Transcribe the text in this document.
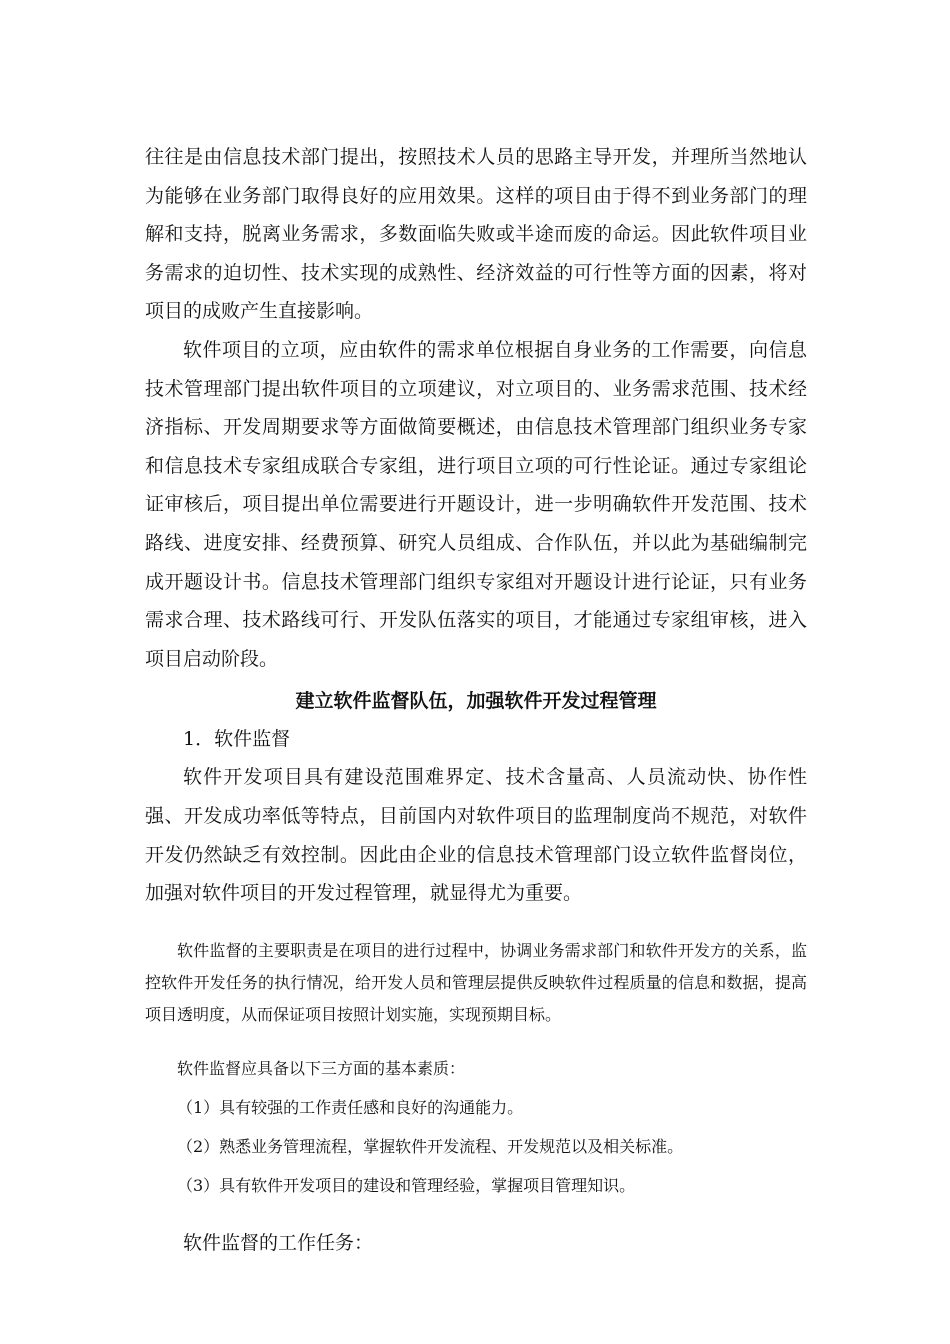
往往是由信息技术部门提出，按照技术人员的思路主导开发，并理所当然地认为能够在业务部门取得良好的应用效果。这样的项目由于得不到业务部门的理解和支持，脱离业务需求，多数面临失败或半途而废的命运。因此软件项目业务需求的迫切性、技术实现的成熟性、经济效益的可行性等方面的因素，将对项目的成败产生直接影响。

软件项目的立项，应由软件的需求单位根据自身业务的工作需要，向信息技术管理部门提出软件项目的立项建议，对立项目的、业务需求范围、技术经济指标、开发周期要求等方面做简要概述，由信息技术管理部门组织业务专家和信息技术专家组成联合专家组，进行项目立项的可行性论证。通过专家组论证审核后，项目提出单位需要进行开题设计，进一步明确软件开发范围、技术路线、进度安排、经费预算、研究人员组成、合作队伍，并以此为基础编制完成开题设计书。信息技术管理部门组织专家组对开题设计进行论证，只有业务需求合理、技术路线可行、开发队伍落实的项目，才能通过专家组审核，进入项目启动阶段。

建立软件监督队伍，加强软件开发过程管理

1．软件监督

软件开发项目具有建设范围难界定、技术含量高、人员流动快、协作性强、开发成功率低等特点，目前国内对软件项目的监理制度尚不规范，对软件开发仍然缺乏有效控制。因此由企业的信息技术管理部门设立软件监督岗位，加强对软件项目的开发过程管理，就显得尤为重要。

软件监督的主要职责是在项目的进行过程中，协调业务需求部门和软件开发方的关系，监控软件开发任务的执行情况，给开发人员和管理层提供反映软件过程质量的信息和数据，提高项目透明度，从而保证项目按照计划实施，实现预期目标。

软件监督应具备以下三方面的基本素质：

（1）具有较强的工作责任感和良好的沟通能力。

（2）熟悉业务管理流程，掌握软件开发流程、开发规范以及相关标准。

（3）具有软件开发项目的建设和管理经验，掌握项目管理知识。

软件监督的工作任务：
